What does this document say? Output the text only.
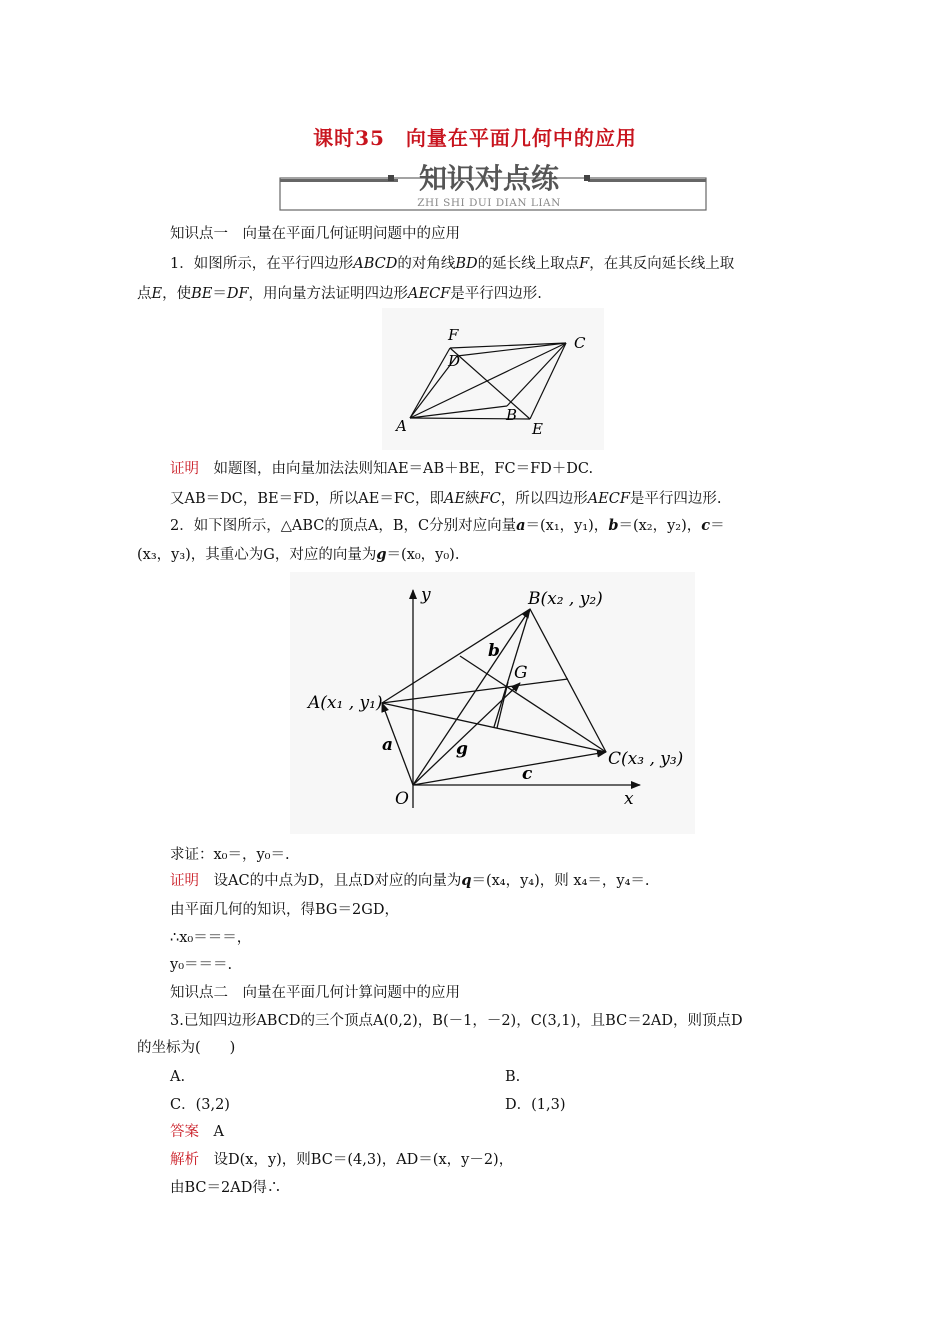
课时35　向量在平面几何中的应用
知识对点练
ZHI SHI DUI DIAN LIAN
知识点一　向量在平面几何证明问题中的应用
1．如图所示，在平行四边形ABCD的对角线BD的延长线上取点F，在其反向延长线上取
点E，使BE＝DF，用向量方法证明四边形AECF是平行四边形.
F	C
D
B
A	E
证明　如题图，由向量加法法则知AE＝AB＋BE，FC＝FD＋DC.
又AB＝DC，BE＝FD，所以AE＝FC，即AE綊FC，所以四边形AECF是平行四边形.
2．如下图所示，△ABC的顶点A，B，C分别对应向量a＝(x₁，y₁)，b＝(x₂，y₂)，c＝
(x₃，y₃)，其重心为G，对应的向量为g＝(x₀，y₀).
y
x
O
B(x₂ , y₂)
A(x₁ , y₁)
C(x₃ , y₃)
G
a
b
c
g
求证：x₀＝，y₀＝.
证明　设AC的中点为D，且点D对应的向量为q＝(x₄，y₄)，则 x₄＝，y₄＝.
由平面几何的知识，得BG＝2GD，
∴x₀＝＝＝，
y₀＝＝＝.
知识点二　向量在平面几何计算问题中的应用
3.已知四边形ABCD的三个顶点A(0,2)，B(－1，－2)，C(3,1)，且BC＝2AD，则顶点D
的坐标为(　　)
A.	B.
C．(3,2)	D．(1,3)
答案　A
解析　设D(x，y)，则BC＝(4,3)，AD＝(x，y－2)，
由BC＝2AD得∴
